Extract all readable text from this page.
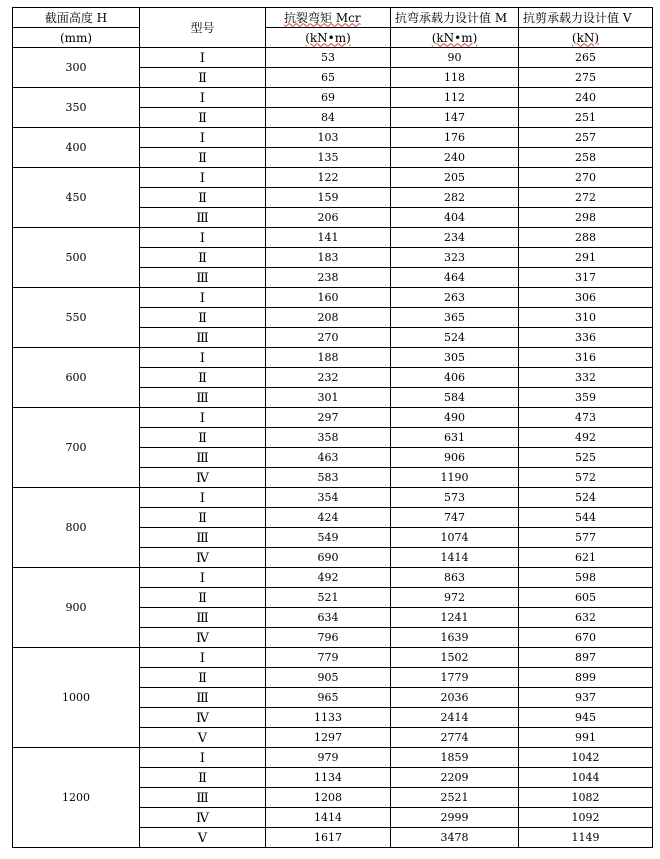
截面高度 H	型号	抗裂弯矩 Mcr	抗弯承载力设计值 M	抗剪承载力设计值 V
(mm)		(kN•m)	(kN•m)	(kN)
300	Ⅰ	53	90	265
	Ⅱ	65	118	275
350	Ⅰ	69	112	240
	Ⅱ	84	147	251
400	Ⅰ	103	176	257
	Ⅱ	135	240	258
450	Ⅰ	122	205	270
	Ⅱ	159	282	272
	Ⅲ	206	404	298
500	Ⅰ	141	234	288
	Ⅱ	183	323	291
	Ⅲ	238	464	317
550	Ⅰ	160	263	306
	Ⅱ	208	365	310
	Ⅲ	270	524	336
600	Ⅰ	188	305	316
	Ⅱ	232	406	332
	Ⅲ	301	584	359
700	Ⅰ	297	490	473
	Ⅱ	358	631	492
	Ⅲ	463	906	525
	Ⅳ	583	1190	572
800	Ⅰ	354	573	524
	Ⅱ	424	747	544
	Ⅲ	549	1074	577
	Ⅳ	690	1414	621
900	Ⅰ	492	863	598
	Ⅱ	521	972	605
	Ⅲ	634	1241	632
	Ⅳ	796	1639	670
1000	Ⅰ	779	1502	897
	Ⅱ	905	1779	899
	Ⅲ	965	2036	937
	Ⅳ	1133	2414	945
	Ⅴ	1297	2774	991
1200	Ⅰ	979	1859	1042
	Ⅱ	1134	2209	1044
	Ⅲ	1208	2521	1082
	Ⅳ	1414	2999	1092
	Ⅴ	1617	3478	1149
